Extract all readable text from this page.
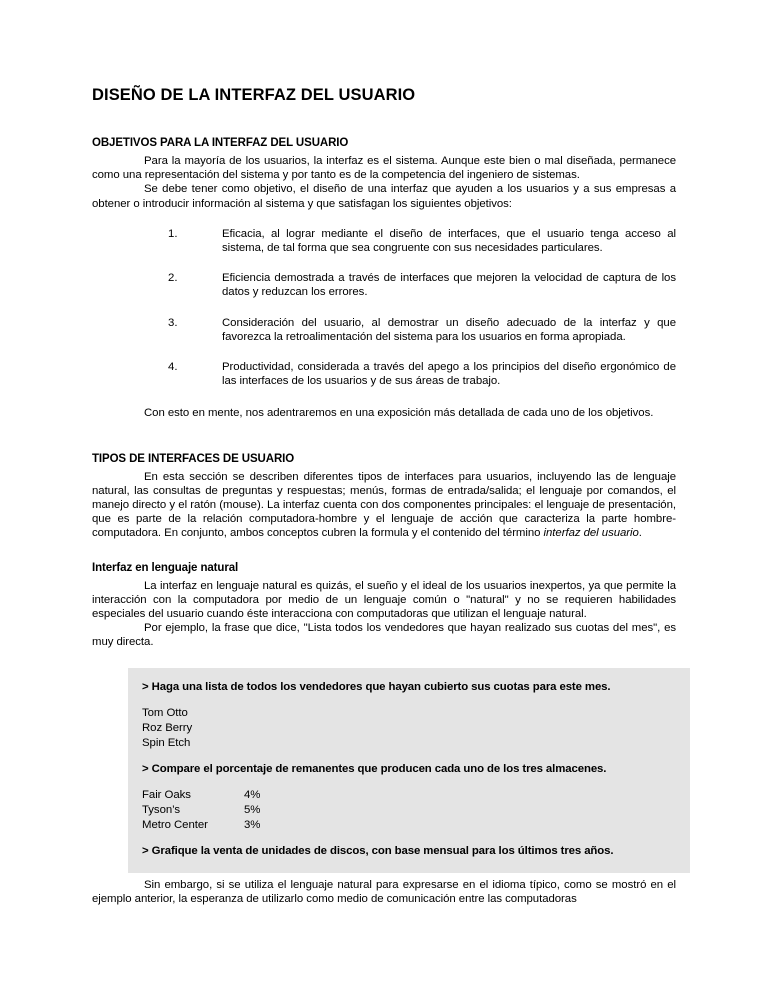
DISEÑO DE LA INTERFAZ DEL USUARIO
OBJETIVOS PARA LA INTERFAZ DEL USUARIO

Para la mayoría de los usuarios, la interfaz es el sistema. Aunque este bien o mal diseñada, permanece como una representación del sistema y por tanto es de la competencia del ingeniero de sistemas.

Se debe tener como objetivo, el diseño de una interfaz que ayuden a los usuarios y a sus empresas a obtener o introducir información al sistema y que satisfagan los siguientes objetivos:

1.	Eficacia, al lograr mediante el diseño de interfaces, que el usuario tenga acceso al sistema, de tal forma que sea congruente con sus necesidades particulares.
2.	Eficiencia demostrada a través de interfaces que mejoren la velocidad de captura de los datos y reduzcan los errores.
3.	Consideración del usuario, al demostrar un diseño adecuado de la interfaz y que favorezca la retroalimentación del sistema para los usuarios en forma apropiada.
4.	Productividad, considerada a través del apego a los principios del diseño ergonómico de las interfaces de los usuarios y de sus áreas de trabajo.

Con esto en mente, nos adentraremos en una exposición más detallada de cada uno de los objetivos.

TIPOS DE INTERFACES DE USUARIO

En esta sección se describen diferentes tipos de interfaces para usuarios, incluyendo las de lenguaje natural, las consultas de preguntas y respuestas; menús, formas de entrada/salida; el lenguaje por comandos, el manejo directo y el ratón (mouse). La interfaz cuenta con dos componentes principales: el lenguaje de presentación, que es parte de la relación computadora-hombre y el lenguaje de acción que caracteriza la parte hombre-computadora. En conjunto, ambos conceptos cubren la formula y el contenido del término interfaz del usuario.

Interfaz en lenguaje natural

La interfaz en lenguaje natural es quizás, el sueño y el ideal de los usuarios inexpertos, ya que permite la interacción con la computadora por medio de un lenguaje común o "natural" y no se requieren habilidades especiales del usuario cuando éste interacciona con computadoras que utilizan el lenguaje natural.

Por ejemplo, la frase que dice, "Lista todos los vendedores que hayan realizado sus cuotas del mes", es muy directa.

> Haga una lista de todos los vendedores que hayan cubierto sus cuotas para este mes.
Tom Otto
Roz Berry
Spin Etch
> Compare el porcentaje de remanentes que producen cada uno de los tres almacenes.
Fair Oaks	4%
Tyson’s	5%
Metro Center	3%
> Grafique la venta de unidades de discos, con base mensual para los últimos tres años.

Sin embargo, si se utiliza el lenguaje natural para expresarse en el idioma típico, como se mostró en el ejemplo anterior, la esperanza de utilizarlo como medio de comunicación entre las computadoras
